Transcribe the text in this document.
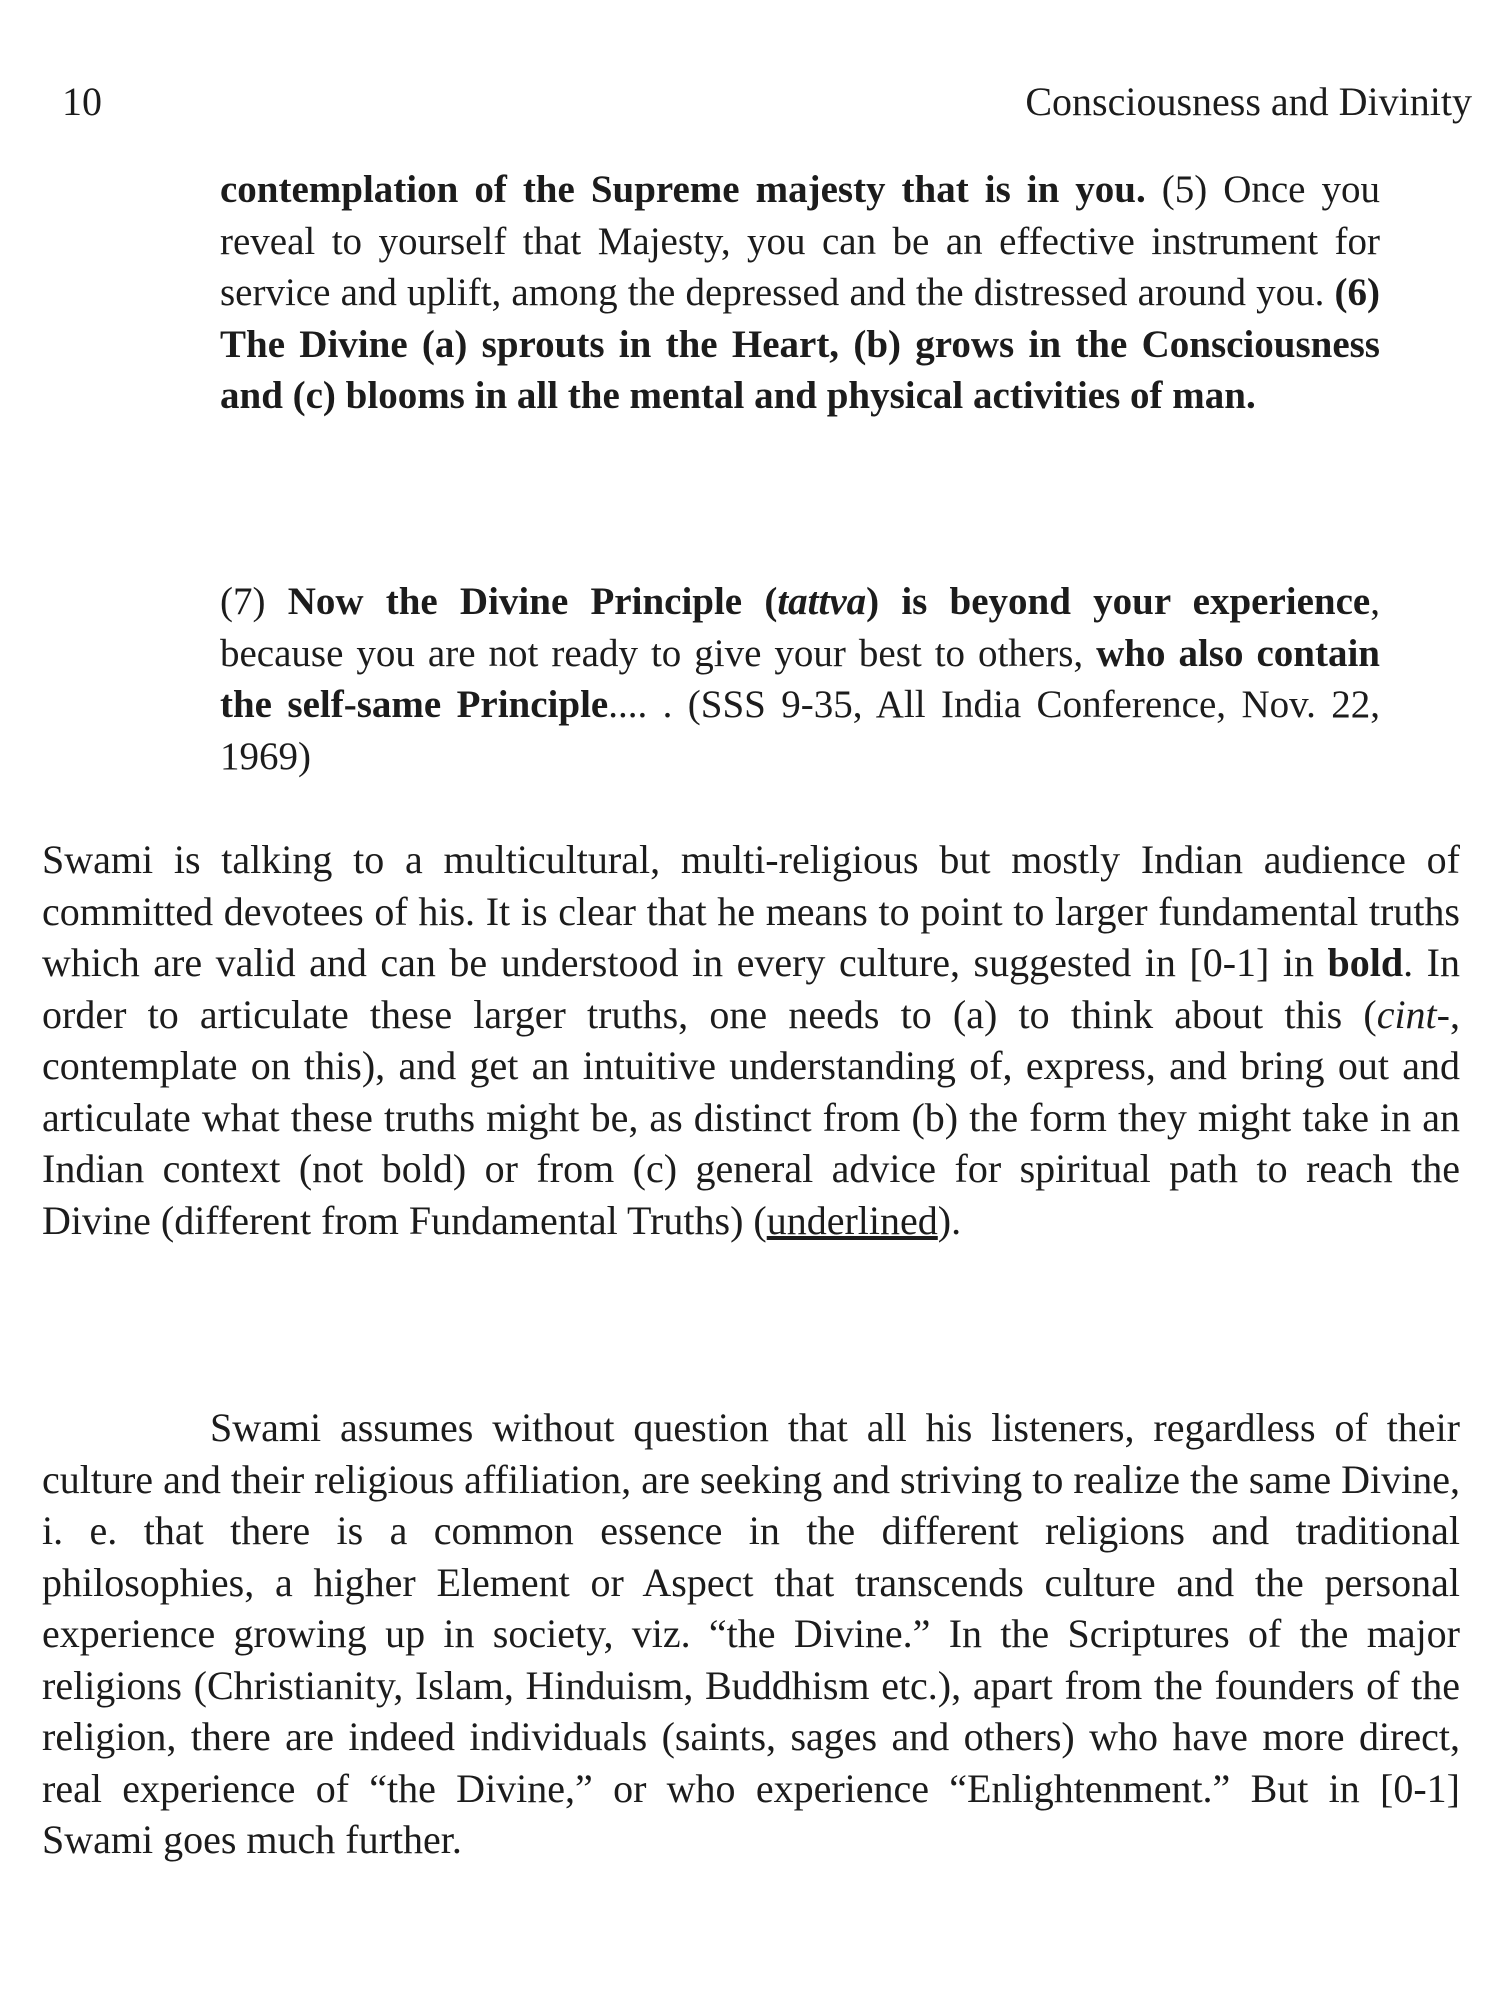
10	Consciousness and Divinity

contemplation of the Supreme majesty that is in you. (5) Once you reveal to yourself that Majesty, you can be an effective instrument for service and uplift, among the depressed and the distressed around you. (6) The Divine (a) sprouts in the Heart, (b) grows in the Consciousness and (c) blooms in all the mental and physical activities of man.

(7) Now the Divine Principle (tattva) is beyond your experience, because you are not ready to give your best to others, who also contain the self-same Principle.... . (SSS 9-35, All India Conference, Nov. 22, 1969)

Swami is talking to a multicultural, multi-religious but mostly Indian audience of committed devotees of his. It is clear that he means to point to larger fundamental truths which are valid and can be understood in every culture, suggested in [0-1] in bold. In order to articulate these larger truths, one needs to (a) to think about this (cint-, contemplate on this), and get an intuitive understanding of, express, and bring out and articulate what these truths might be, as distinct from (b) the form they might take in an Indian context (not bold) or from (c) general advice for spiritual path to reach the Divine (different from Fundamental Truths) (underlined).

Swami assumes without question that all his listeners, regardless of their culture and their religious affiliation, are seeking and striving to realize the same Divine, i. e. that there is a common essence in the different religions and traditional philosophies, a higher Element or Aspect that transcends culture and the personal experience growing up in society, viz. “the Divine.” In the Scriptures of the major religions (Christianity, Islam, Hinduism, Buddhism etc.), apart from the founders of the religion, there are indeed individuals (saints, sages and others) who have more direct, real experience of “the Divine,” or who experience “Enlightenment.” But in [0-1] Swami goes much further.
